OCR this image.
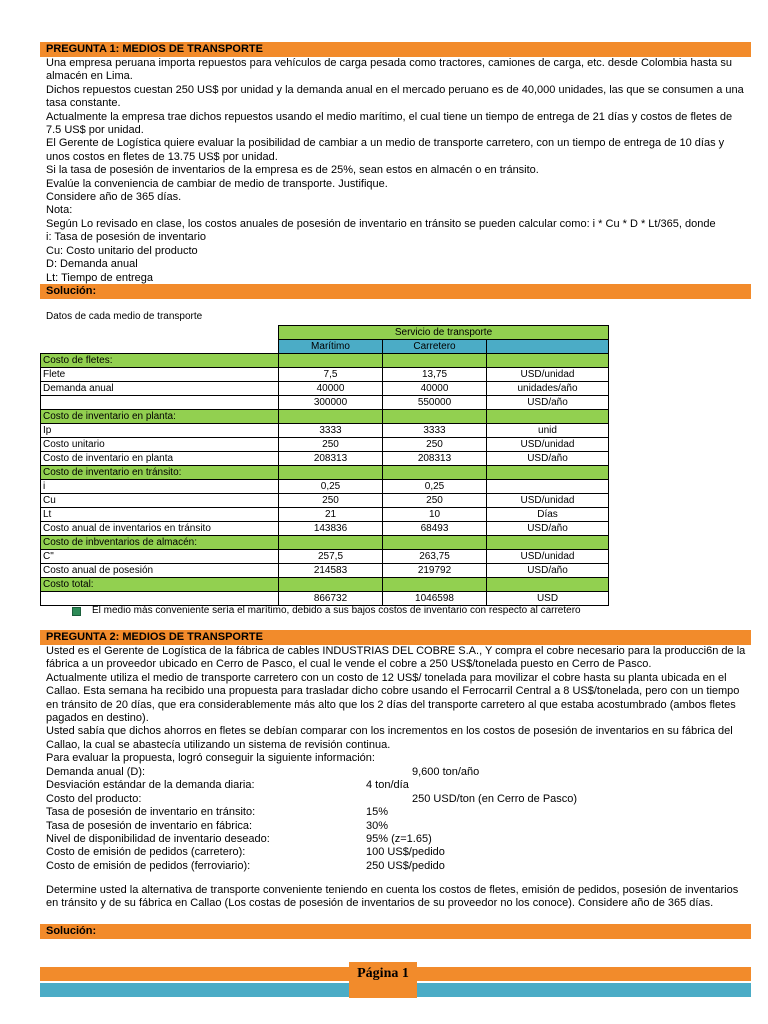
PREGUNTA 1: MEDIOS DE TRANSPORTE
Una empresa peruana importa repuestos para vehículos de carga pesada como tractores, camiones de carga, etc. desde Colombia hasta su
almacén en Lima.
Dichos repuestos cuestan 250 US$ por unidad y la demanda anual en el mercado peruano es de 40,000 unidades, las que se consumen a una
tasa constante.
Actualmente la empresa trae dichos repuestos usando el medio marítimo, el cual tiene un tiempo de entrega de 21 días y costos de fletes de
7.5 US$ por unidad.
El Gerente de Logística quiere evaluar la posibilidad de cambiar a un medio de transporte carretero, con un tiempo de entrega de 10 días y
unos costos en fletes de 13.75 US$ por unidad.
Si la tasa de posesión de inventarios de la empresa es de 25%, sean estos en almacén o en tránsito.
Evalúe la conveniencia de cambiar de medio de transporte. Justifique.
Considere año de 365 días.
Nota:
Según Lo revisado en clase, los costos anuales de posesión de inventario en tránsito se pueden calcular como: i * Cu * D * Lt/365, donde
i: Tasa de posesión de inventario
Cu: Costo unitario del producto
D: Demanda anual
Lt: Tiempo de entrega
Solución:
Datos de cada medio de transporte
	Servicio de transporte		
	Marítimo	Carretero	
Costo de fletes:			
Flete	7,5	13,75	USD/unidad
Demanda anual	40000	40000	unidades/año
	300000	550000	USD/año
Costo de inventario en planta:			
Ip	3333	3333	unid
Costo unitario	250	250	USD/unidad
Costo de inventario en planta	208313	208313	USD/año
Costo de inventario en tránsito:			
i	0,25	0,25	
Cu	250	250	USD/unidad
Lt	21	10	Días
Costo anual de inventarios en tránsito	143836	68493	USD/año
Costo de inbventarios de almacén:			
C"	257,5	263,75	USD/unidad
Costo anual de posesión	214583	219792	USD/año
Costo total:			
	866732	1046598	USD
El medio más conveniente sería el marítimo, debido a sus bajos costos de inventario con respecto al carretero
PREGUNTA 2: MEDIOS DE TRANSPORTE
Usted es el Gerente de Logística de la fábrica de cables INDUSTRIAS DEL COBRE S.A., Y compra el cobre necesario para la producci6n de la
fábrica a un proveedor ubicado en Cerro de Pasco, el cual le vende el cobre a 250 US$/tonelada puesto en Cerro de Pasco.
Actualmente utiliza el medio de transporte carretero con un costo de 12 US$/ tonelada para movilizar el cobre hasta su planta ubicada en el
Callao. Esta semana ha recibido una propuesta para trasladar dicho cobre usando el Ferrocarril Central a 8 US$/tonelada, pero con un tiempo
en tránsito de 20 días, que era considerablemente más alto que los 2 días del transporte carretero al que estaba acostumbrado (ambos fletes
pagados en destino).
Usted sabía que dichos ahorros en fletes se debían comparar con los incrementos en los costos de posesión de inventarios en su fábrica del
Callao, la cual se abastecía utilizando un sistema de revisión continua.
Para evaluar la propuesta, logró conseguir la siguiente información:
Demanda anual (D):	9,600 ton/año
Desviación estándar de la demanda diaria:	4 ton/día
Costo del producto:	250 USD/ton (en Cerro de Pasco)
Tasa de posesión de inventario en tránsito:	15%
Tasa de posesión de inventario en fábrica:	30%
Nivel de disponibilidad de inventario deseado:	95% (z=1.65)
Costo de emisión de pedidos (carretero):	100 US$/pedido
Costo de emisión de pedidos (ferroviario):	250 US$/pedido
Determine usted la alternativa de transporte conveniente teniendo en cuenta los costos de fletes, emisión de pedidos, posesión de inventarios
en tránsito y de su fábrica en Callao (Los costas de posesión de inventarios de su proveedor no los conoce). Considere año de 365 días.
Solución:
Página 1
